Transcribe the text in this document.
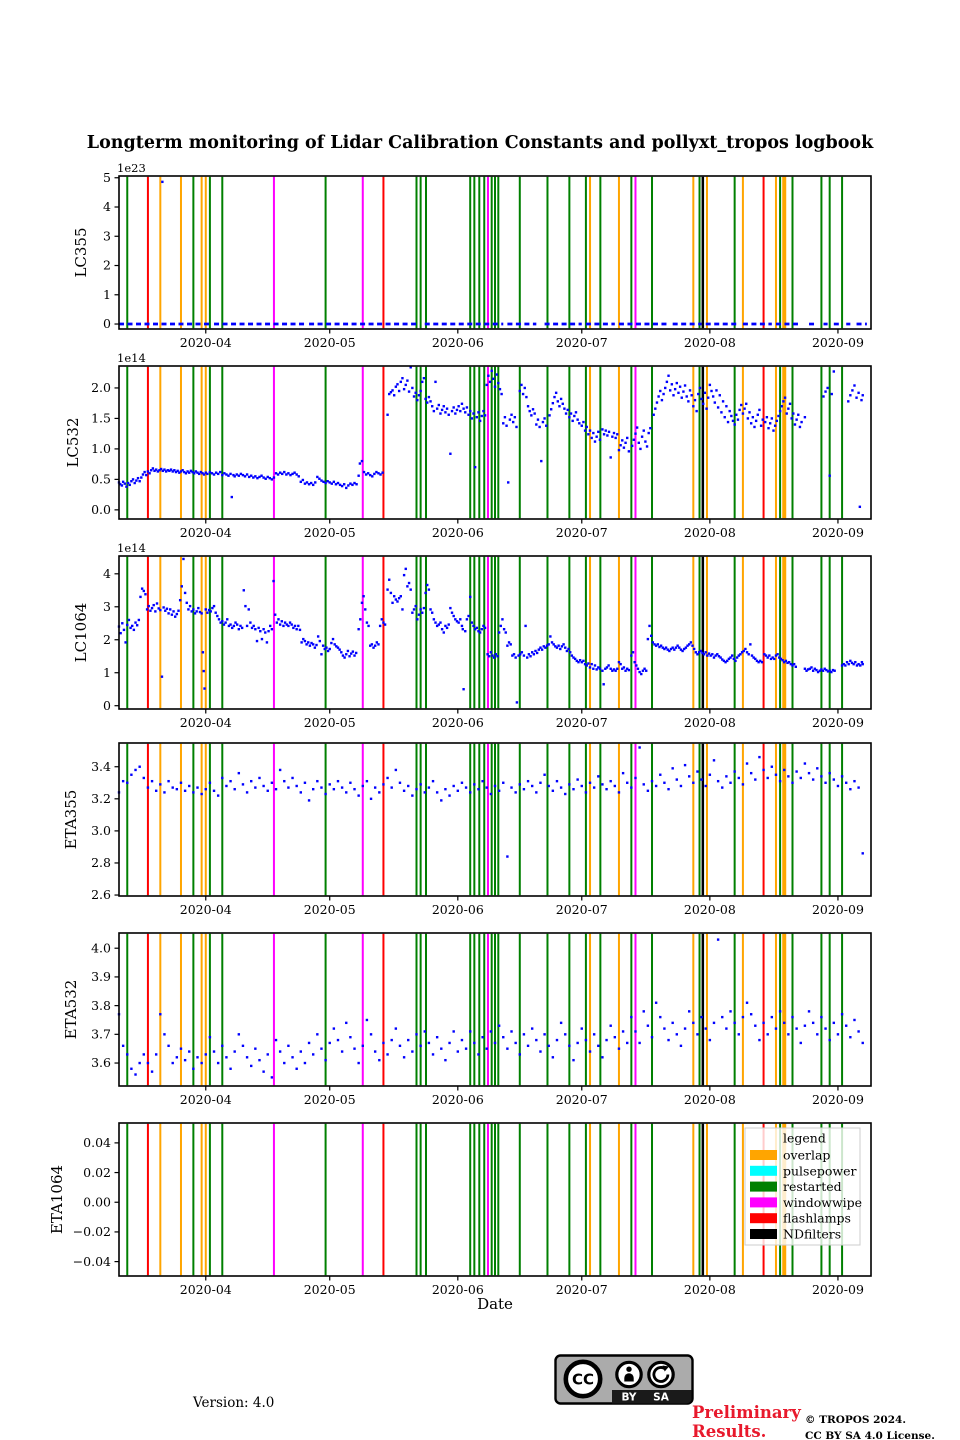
Longterm monitoring of Lidar Calibration Constants and pollyxt_tropos logbook
0
1
2
3
4
5
2020-04	2020-05	2020-06	2020-07	2020-08	2020-09
1e23
LC355
0.0
0.5
1.0
1.5
2.0
2020-04	2020-05	2020-06	2020-07	2020-08	2020-09
1e14
LC532
0
1
2
3
4
2020-04	2020-05	2020-06	2020-07	2020-08	2020-09
1e14
LC1064
2.6
2.8
3.0
3.2
3.4
2020-04	2020-05	2020-06	2020-07	2020-08	2020-09
ETA355
3.6
3.7
3.8
3.9
4.0
2020-04	2020-05	2020-06	2020-07	2020-08	2020-09
ETA532
−0.04
−0.02
0.00
0.02
0.04
2020-04	2020-05	2020-06	2020-07	2020-08	2020-09
ETA1064
Date
legend
overlap
pulsepower
restarted
windowwipe
flashlamps
NDfilters
Version: 4.0
CC
BY SA
Preliminary
Results.
© TROPOS 2024.
CC BY SA 4.0 License.
